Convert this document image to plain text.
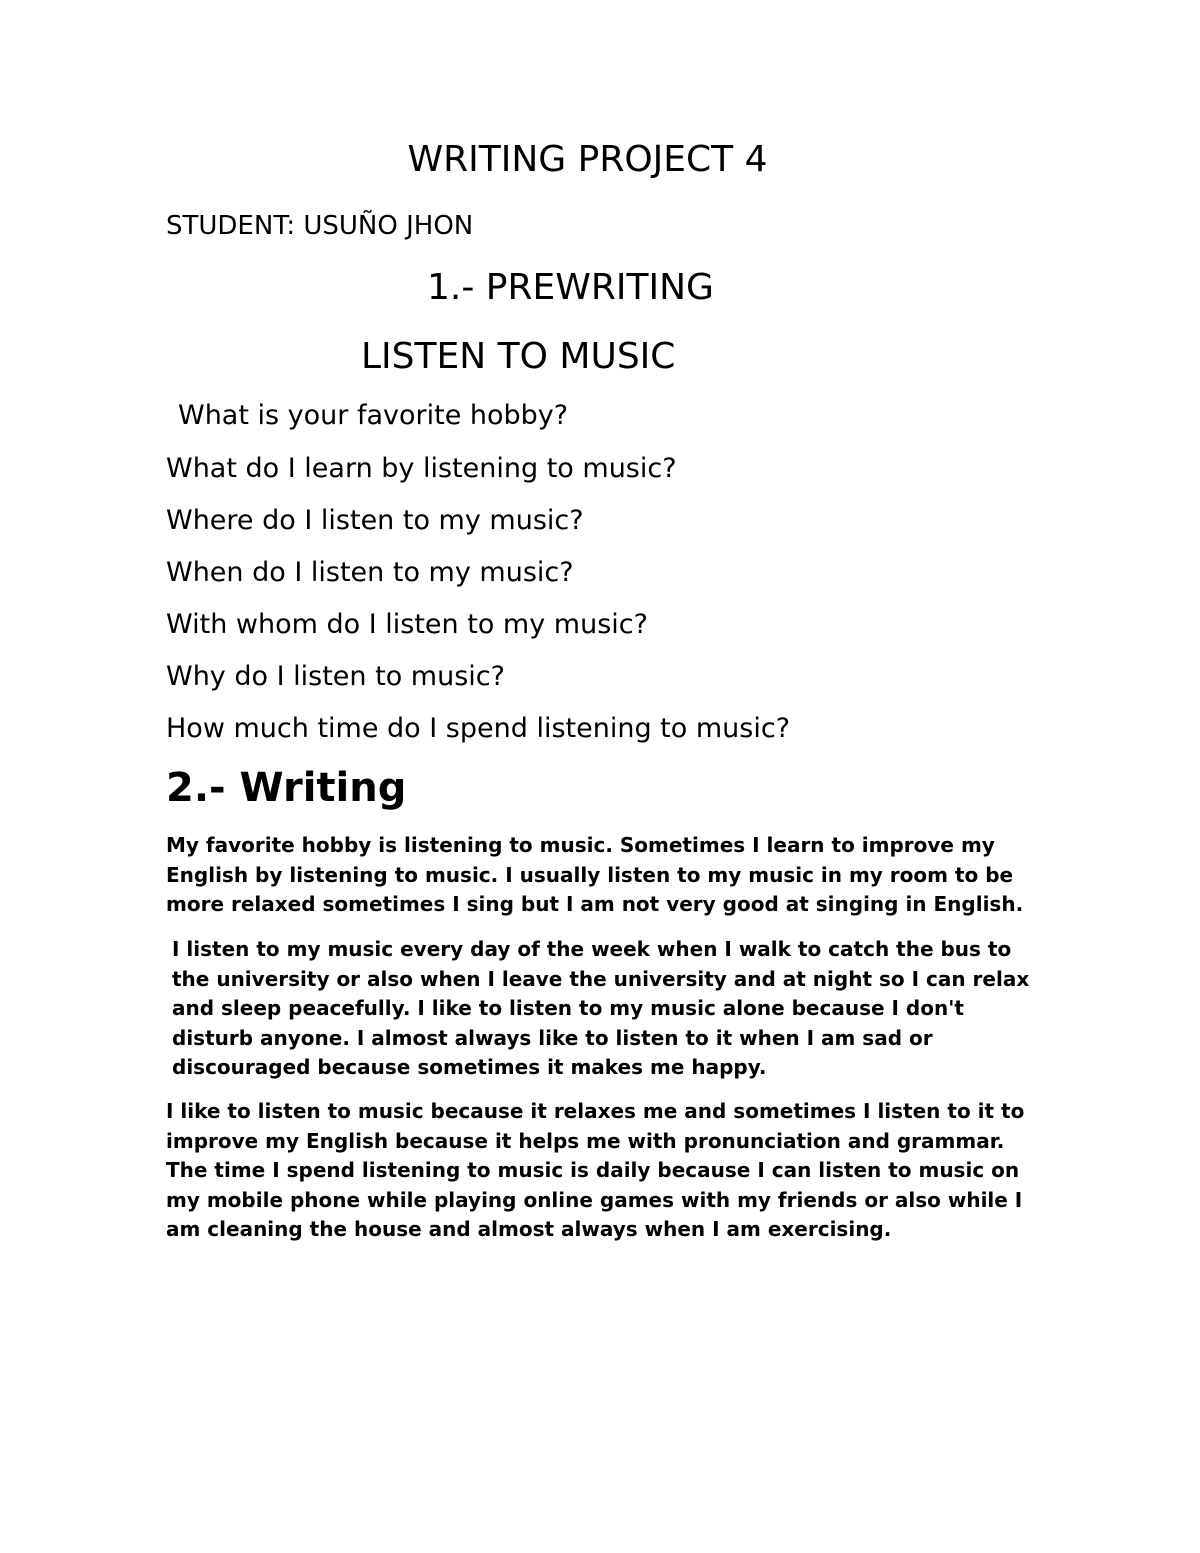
WRITING PROJECT 4
STUDENT: USUÑO JHON
1.- PREWRITING
LISTEN TO MUSIC
What is your favorite hobby?
What do I learn by listening to music?
Where do I listen to my music?
When do I listen to my music?
With whom do I listen to my music?
Why do I listen to music?
How much time do I spend listening to music?
2.- Writing

My favorite hobby is listening to music. Sometimes I learn to improve my English by listening to music. I usually listen to my music in my room to be more relaxed sometimes I sing but I am not very good at singing in English.

I listen to my music every day of the week when I walk to catch the bus to the university or also when I leave the university and at night so I can relax and sleep peacefully. I like to listen to my music alone because I don't disturb anyone. I almost always like to listen to it when I am sad or discouraged because sometimes it makes me happy.

I like to listen to music because it relaxes me and sometimes I listen to it to improve my English because it helps me with pronunciation and grammar. The time I spend listening to music is daily because I can listen to music on my mobile phone while playing online games with my friends or also while I am cleaning the house and almost always when I am exercising.
